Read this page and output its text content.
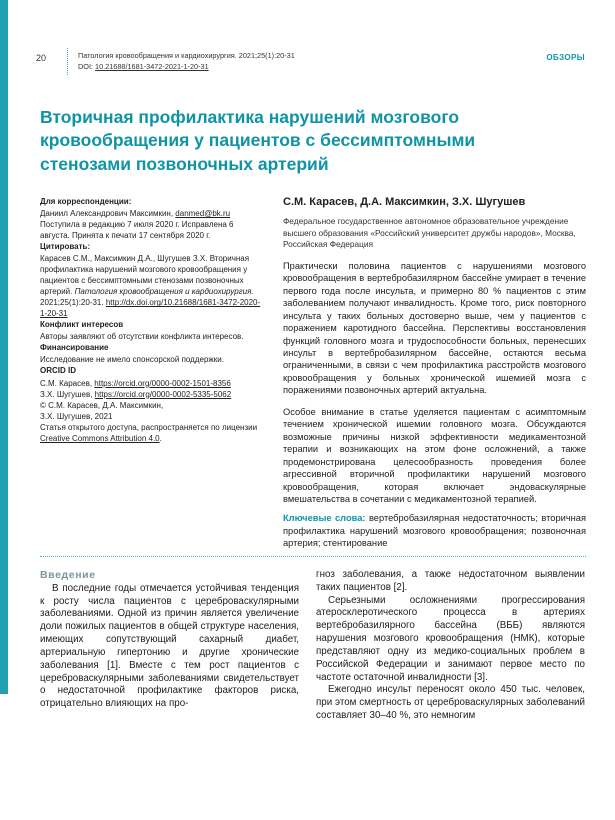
20	Патология кровообращения и кардиохирургия. 2021;25(1):20-31
DOI: 10.21688/1681-3472-2021-1-20-31
ОБЗОРЫ
Вторичная профилактика нарушений мозгового кровообращения у пациентов с бессимптомными стенозами позвоночных артерий

Для корреспонденции:

Даниил Александрович Максимкин, danmed@bk.ru

Поступила в редакцию 7 июля 2020 г. Исправлена 6 августа. Принята к печати 17 сентября 2020 г.

Цитировать:

Карасев С.М., Максимкин Д.А., Шугушев З.Х. Вторичная профилактика нарушений мозгового кровообращения у пациентов с бессимптомными стенозами позвоночных артерий. Патология кровообращения и кардиохирургия. 2021;25(1):20-31. http://dx.doi.org/10.21688/1681-3472-2020-1-20-31

Конфликт интересов

Авторы заявляют об отсутствии конфликта интересов.

Финансирование

Исследование не имело спонсорской поддержки.

ORCID ID

С.М. Карасев, https://orcid.org/0000-0002-1501-8356

З.Х. Шугушев, https://orcid.org/0000-0002-5335-5062

© С.М. Карасев, Д.А. Максимкин,

З.Х. Шугушев, 2021

Статья открытого доступа, распространяется по лицензии Creative Commons Attribution 4.0.

С.М. Карасев, Д.А. Максимкин, З.Х. Шугушев

Федеральное государственное автономное образовательное учреждение высшего образования «Российский университет дружбы народов», Москва, Российская Федерация

Практически половина пациентов с нарушениями мозгового кровообращения в вертебробазилярном бассейне умирает в течение первого года после инсульта, и примерно 80 % пациентов с этим заболеванием получают инвалидность. Кроме того, риск повторного инсульта у таких больных достоверно выше, чем у пациентов с поражением каротидного бассейна. Перспективы восстановления функций головного мозга и трудоспособности больных, перенесших инсульт в вертебробазилярном бассейне, остаются весьма ограниченными, в связи с чем профилактика расстройств мозгового кровообращения у больных хронической ишемией мозга с поражениями позвоночных артерий актуальна.

Особое внимание в статье уделяется пациентам с асимптомным течением хронической ишемии головного мозга. Обсуждаются возможные причины низкой эффективности медикаментозной терапии и возникающих на этом фоне осложнений, а также продемонстрирована целесообразность проведения более агрессивной вторичной профилактики нарушений мозгового кровообращения, которая включает эндоваскулярные вмешательства в сочетании с медикаментозной терапией.

Ключевые слова: вертебробазилярная недостаточность; вторичная профилактика нарушений мозгового кровообращения; позвоночная артерия; стентирование

Введение

В последние годы отмечается устойчивая тенденция к росту числа пациентов с цереброваскулярными заболеваниями. Одной из причин является увеличение доли пожилых пациентов в общей структуре населения, имеющих сопутствующий сахарный диабет, артериальную гипертонию и другие хронические заболевания [1]. Вместе с тем рост пациентов с цереброваскулярными заболеваниями свидетельствует о недостаточной профилактике факторов риска, отрицательно влияющих на про-

гноз заболевания, а также недостаточном выявлении таких пациентов [2].

Серьезными осложнениями прогрессирования атеросклеротического процесса в артериях вертебробазилярного бассейна (ВББ) являются нарушения мозгового кровообращения (НМК), которые представляют одну из медико-социальных проблем в Российской Федерации и занимают первое место по частоте остаточной инвалидности [3].

Ежегодно инсульт переносят около 450 тыс. человек, при этом смертность от цереброваскулярных заболеваний составляет 30–40 %, это немногим
